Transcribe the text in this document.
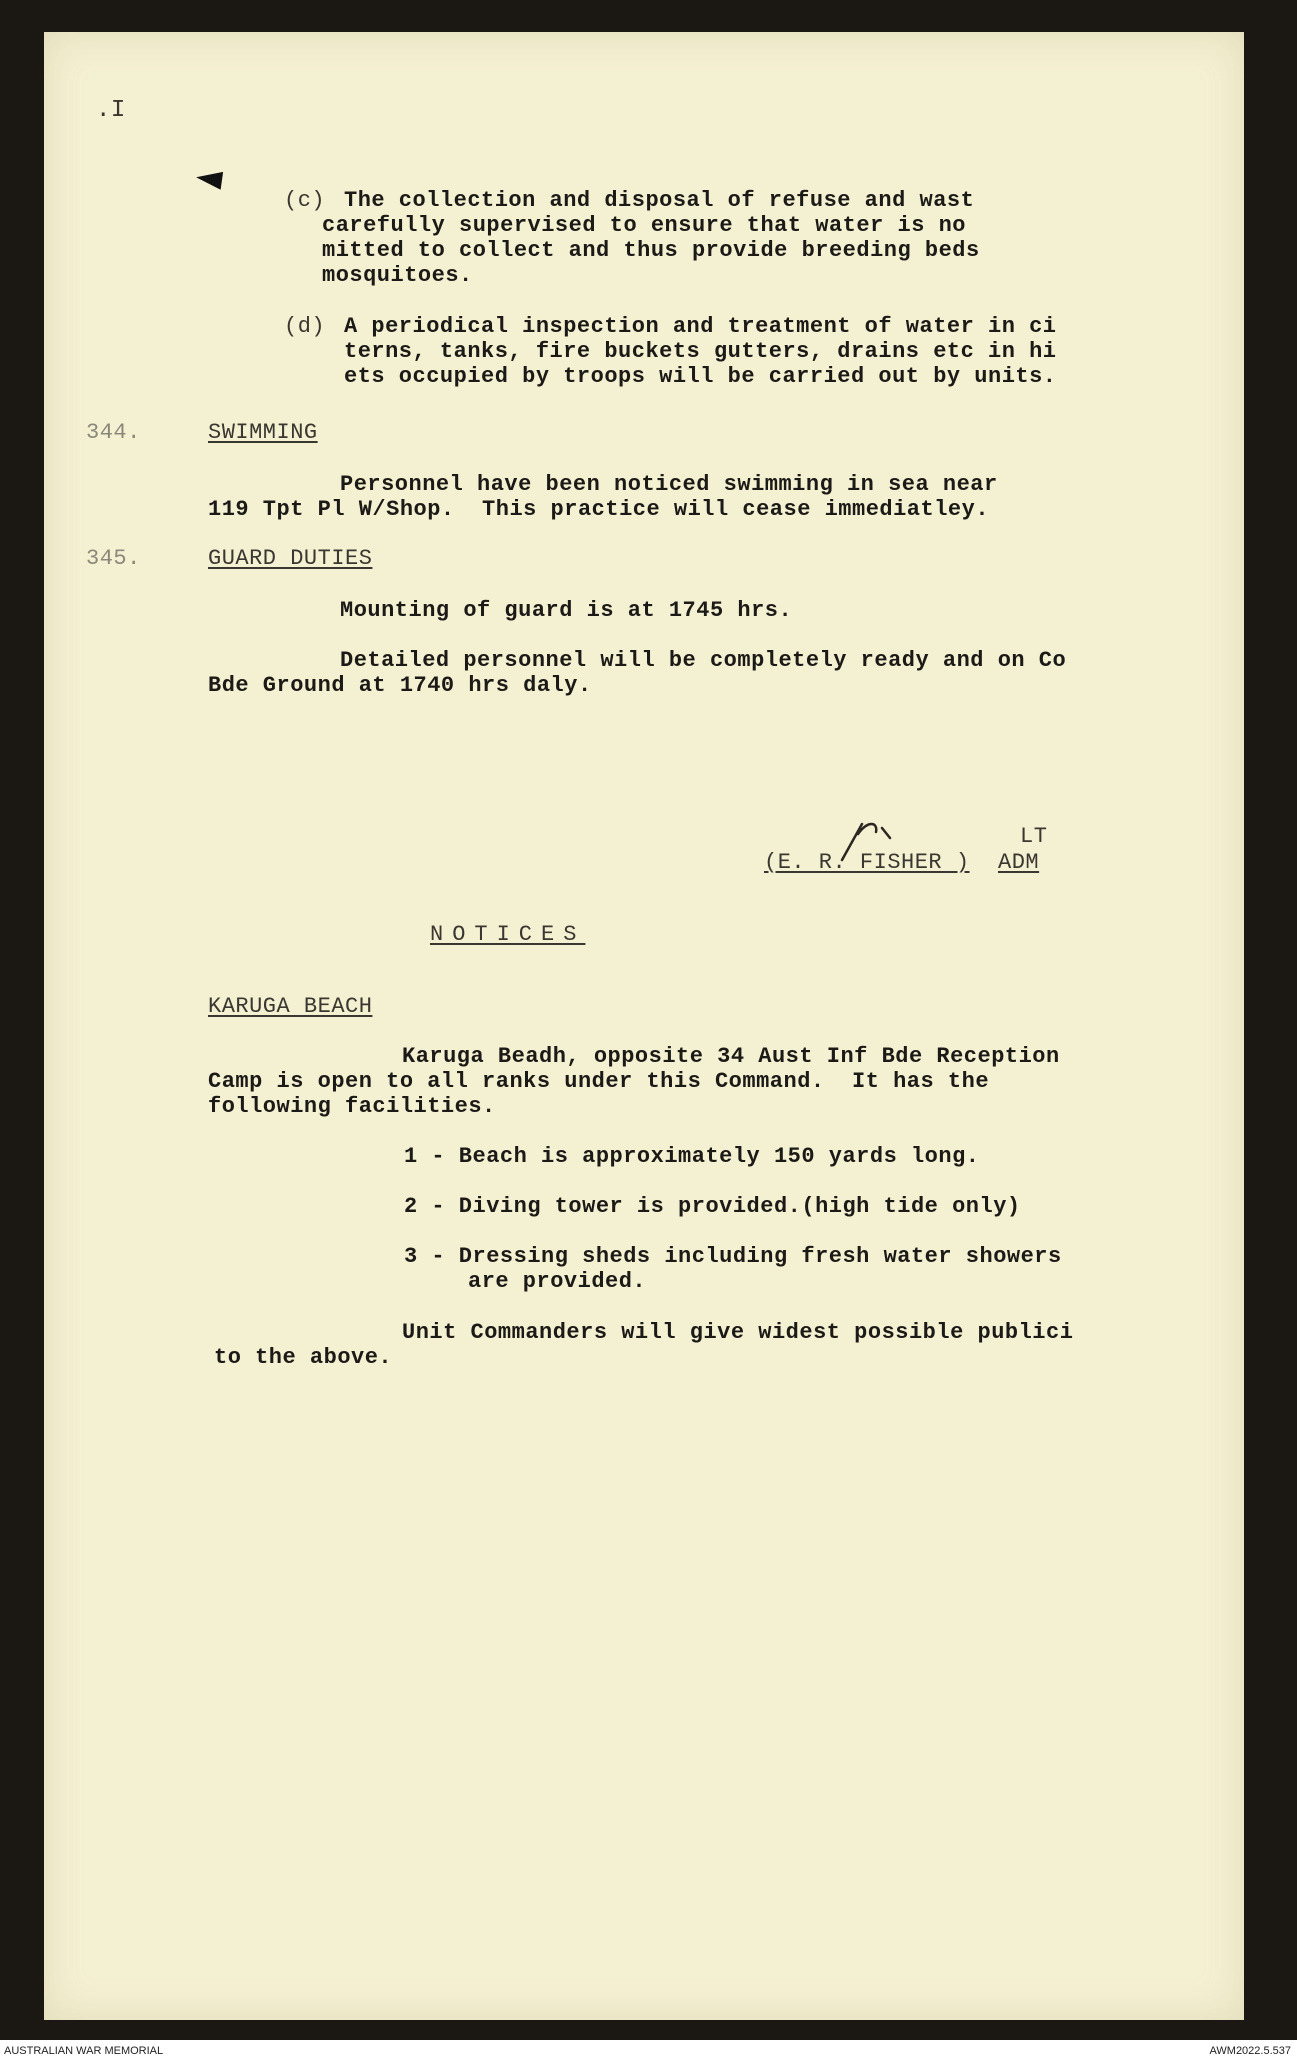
.I
(c) The collection and disposal of refuse and wast
carefully supervised to ensure that water is no
mitted to collect and thus provide breeding beds
mosquitoes.
(d) A periodical inspection and treatment of water in ci
terns, tanks, fire buckets gutters, drains etc in hi
ets occupied by troops will be carried out by units.
344.	SWIMMING
Personnel have been noticed swimming in sea near
119 Tpt Pl W/Shop.  This practice will cease immediatley.
345.	GUARD DUTIES
Mounting of guard is at 1745 hrs.
Detailed personnel will be completely ready and on Co
Bde Ground at 1740 hrs daly.
LT
(E. R. FISHER ) ADM
NOTICES
KARUGA BEACH
Karuga Beadh, opposite 34 Aust Inf Bde Reception
Camp is open to all ranks under this Command.  It has the
following facilities.
1 - Beach is approximately 150 yards long.
2 - Diving tower is provided.(high tide only)
3 - Dressing sheds including fresh water showers
are provided.
Unit Commanders will give widest possible publici
to the above.
AUSTRALIAN WAR MEMORIAL	AWM2022.5.537
